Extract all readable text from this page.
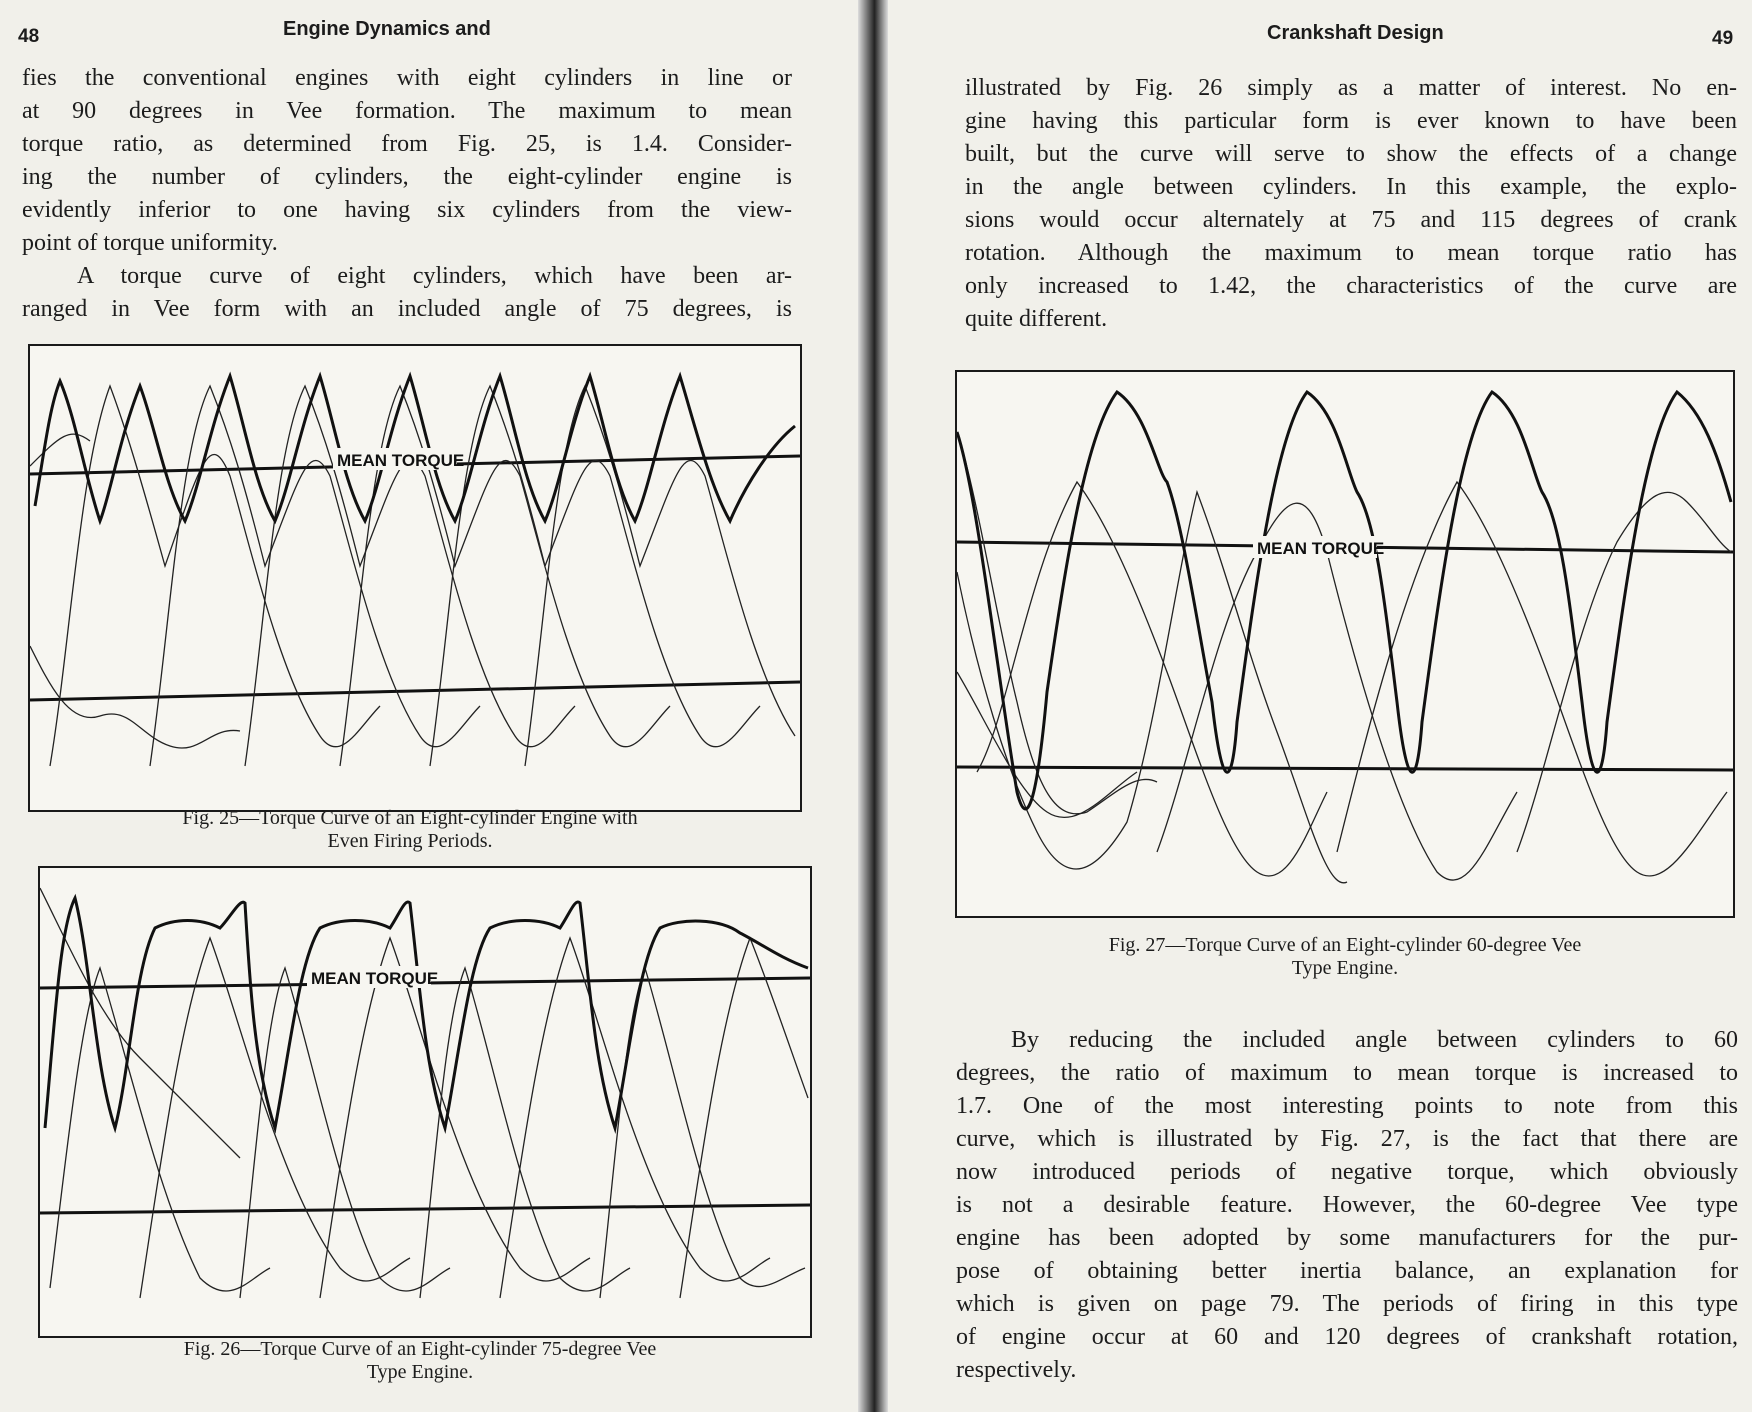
48	Engine Dynamics and
fies the conventional engines with eight cylinders in line or
at 90 degrees in Vee formation. The maximum to mean
torque ratio, as determined from Fig. 25, is 1.4. Consider-
ing the number of cylinders, the eight-cylinder engine is
evidently inferior to one having six cylinders from the view-
point of torque uniformity.
A torque curve of eight cylinders, which have been ar-
ranged in Vee form with an included angle of 75 degrees, is
MEAN TORQUE
Fig. 25—Torque Curve of an Eight-cylinder Engine with
Even Firing Periods.
MEAN TORQUE
Fig. 26—Torque Curve of an Eight-cylinder 75-degree Vee
Type Engine.
Crankshaft Design	49
illustrated by Fig. 26 simply as a matter of interest. No en-
gine having this particular form is ever known to have been
built, but the curve will serve to show the effects of a change
in the angle between cylinders. In this example, the explo-
sions would occur alternately at 75 and 115 degrees of crank
rotation. Although the maximum to mean torque ratio has
only increased to 1.42, the characteristics of the curve are
quite different.
MEAN TORQUE
Fig. 27—Torque Curve of an Eight-cylinder 60-degree Vee
Type Engine.
By reducing the included angle between cylinders to 60
degrees, the ratio of maximum to mean torque is increased to
1.7. One of the most interesting points to note from this
curve, which is illustrated by Fig. 27, is the fact that there are
now introduced periods of negative torque, which obviously
is not a desirable feature. However, the 60-degree Vee type
engine has been adopted by some manufacturers for the pur-
pose of obtaining better inertia balance, an explanation for
which is given on page 79. The periods of firing in this type
of engine occur at 60 and 120 degrees of crankshaft rotation,
respectively.
